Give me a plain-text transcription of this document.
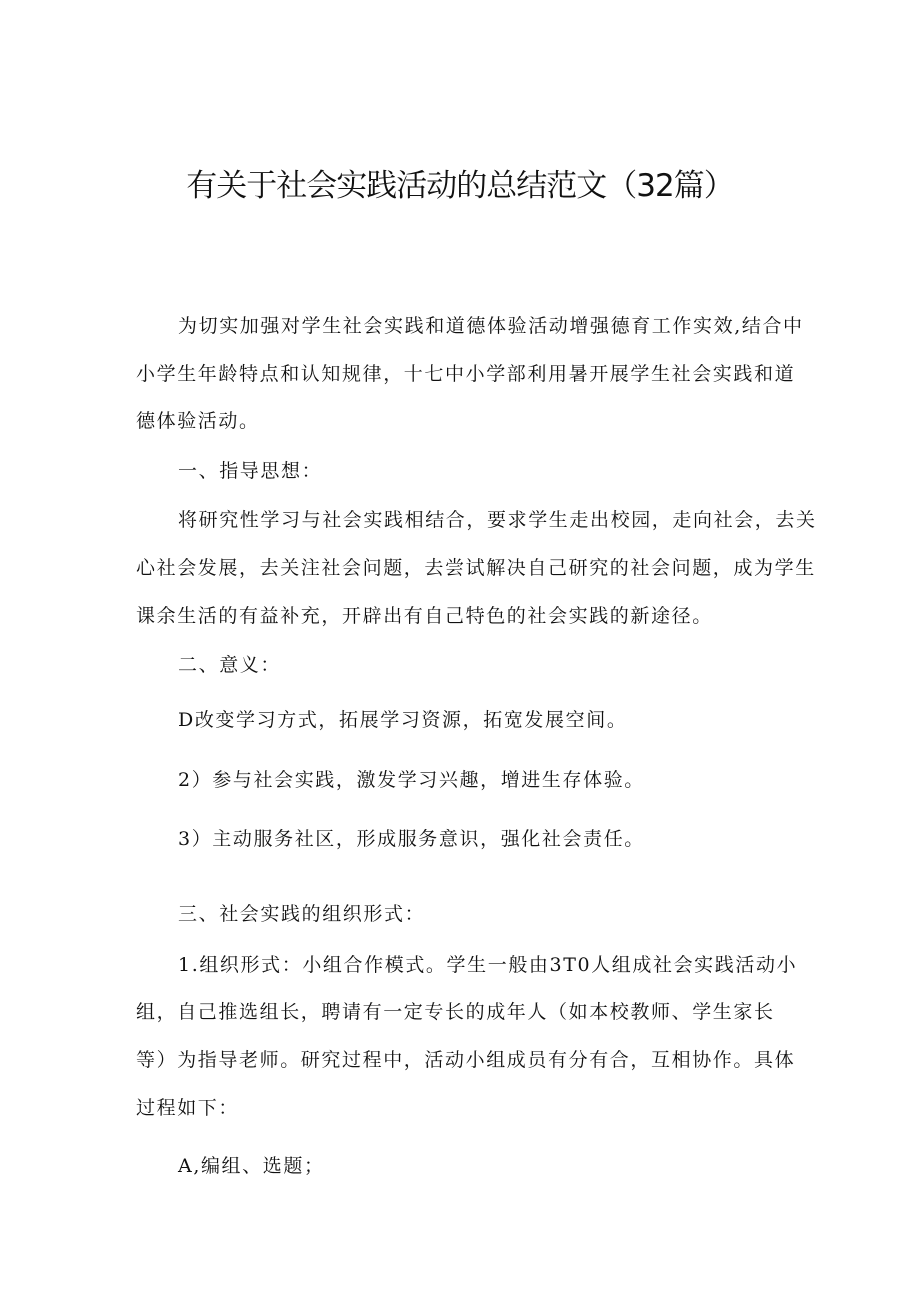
有关于社会实践活动的总结范文（32篇）
为切实加强对学生社会实践和道德体验活动增强德育工作实效,结合中
小学生年龄特点和认知规律，十七中小学部利用暑开展学生社会实践和道
德体验活动。
一、指导思想：
将研究性学习与社会实践相结合，要求学生走出校园，走向社会，去关
心社会发展，去关注社会问题，去尝试解决自己研究的社会问题，成为学生
课余生活的有益补充，开辟出有自己特色的社会实践的新途径。
二、意义：
D改变学习方式，拓展学习资源，拓宽发展空间。
2）参与社会实践，激发学习兴趣，增进生存体验。
3）主动服务社区，形成服务意识，强化社会责任。
三、社会实践的组织形式：
1.组织形式：小组合作模式。学生一般由3T0人组成社会实践活动小
组，自己推选组长，聘请有一定专长的成年人（如本校教师、学生家长
等）为指导老师。研究过程中，活动小组成员有分有合，互相协作。具体
过程如下：
A,编组、选题；
